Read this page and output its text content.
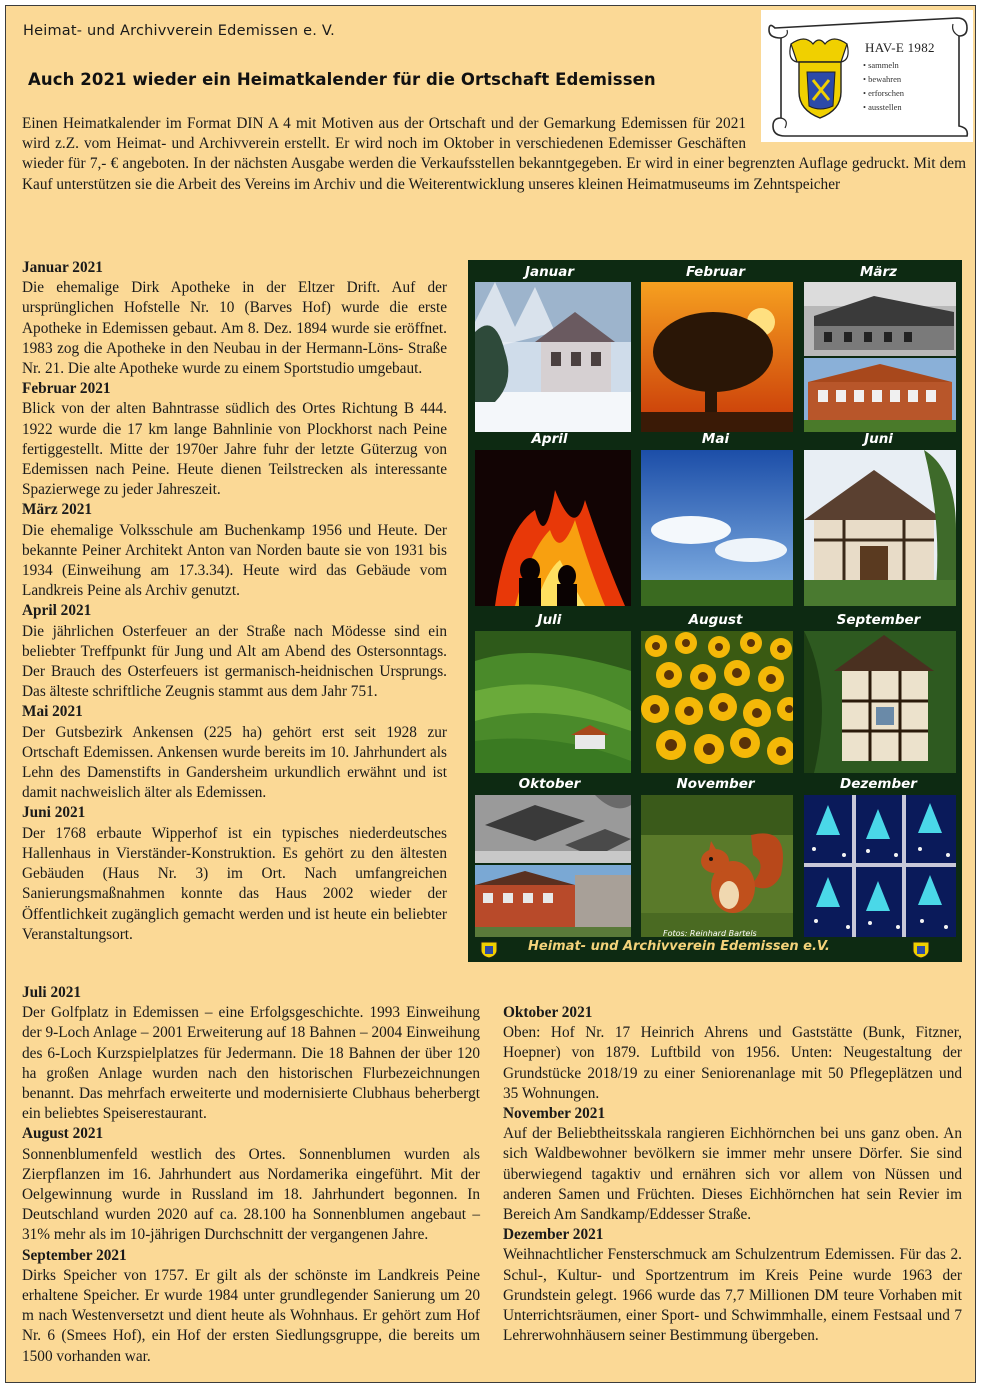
Heimat- und Archivverein Edemissen e. V.
Auch 2021 wieder ein Heimatkalender für die Ortschaft Edemissen
HAV-E 1982
• sammeln
• bewahren
• erforschen
• ausstellen
Einen Heimatkalender im Format DIN A 4 mit Motiven aus der Ortschaft und der Gemarkung Edemissen für 2021 wird z.Z. vom Heimat- und Archivverein erstellt. Er wird noch im Oktober in verschiedenen Edemisser Geschäften wieder für 7,- € angeboten. In der nächsten Ausgabe werden die Verkaufsstellen bekanntgegeben. Er wird in einer begrenzten Auflage gedruckt. Mit dem Kauf unterstützen sie die Arbeit des Vereins im Archiv und die Weiterentwicklung unseres kleinen Heimatmuseums im Zehntspeicher
Januar 2021
Die ehemalige Dirk Apotheke in der Eltzer Drift. Auf der ursprünglichen Hofstelle Nr. 10 (Barves Hof) wurde die erste Apotheke in Edemissen gebaut. Am 8. Dez. 1894 wurde sie eröffnet. 1983 zog die Apotheke in den Neubau in der Hermann-Löns- Straße Nr. 21. Die alte Apotheke wurde zu einem Sportstudio umgebaut.
Februar 2021
Blick von der alten Bahntrasse südlich des Ortes Richtung B 444. 1922 wurde die 17 km lange Bahnlinie von Plockhorst nach Peine fertiggestellt. Mitte der 1970er Jahre fuhr der letzte Güterzug von Edemissen nach Peine. Heute dienen Teilstrecken als interessante Spazierwege zu jeder Jahreszeit.
März 2021
Die ehemalige Volksschule am Buchenkamp 1956 und Heute. Der bekannte Peiner Architekt Anton van Norden baute sie von 1931 bis 1934 (Einweihung am 17.3.34). Heute wird das Gebäude vom Landkreis Peine als Archiv genutzt.
April 2021
Die jährlichen Osterfeuer an der Straße nach Mödesse sind ein beliebter Treffpunkt für Jung und Alt am Abend des Ostersonntags. Der Brauch des Osterfeuers ist germanisch-heidnischen Ursprungs. Das älteste schriftliche Zeugnis stammt aus dem Jahr 751.
Mai 2021
Der Gutsbezirk Ankensen (225 ha) gehört erst seit 1928 zur Ortschaft Edemissen. Ankensen wurde bereits im 10. Jahrhundert als Lehn des Damenstifts in Gandersheim urkundlich erwähnt und ist damit nachweislich älter als Edemissen.
Juni 2021
Der 1768 erbaute Wipperhof ist ein typisches niederdeutsches Hallenhaus in Vierständer-Konstruktion. Es gehört zu den ältesten Gebäuden (Haus Nr. 3) im Ort. Nach umfangreichen Sanierungsmaßnahmen konnte das Haus 2002 wieder der Öffentlichkeit zugänglich gemacht werden und ist heute ein beliebter Veranstaltungsort.
Juli 2021
Der Golfplatz in Edemissen – eine Erfolgsgeschichte. 1993 Einweihung der 9-Loch Anlage – 2001 Erweiterung auf 18 Bahnen – 2004 Einweihung des 6-Loch Kurzspielplatzes für Jedermann. Die 18 Bahnen der über 120 ha großen Anlage wurden nach den historischen Flurbezeichnungen benannt. Das mehrfach erweiterte und modernisierte Clubhaus beherbergt ein beliebtes Speiserestaurant.
August 2021
Sonnenblumenfeld westlich des Ortes. Sonnenblumen wurden als Zierpflanzen im 16. Jahrhundert aus Nordamerika eingeführt. Mit der Oelgewinnung wurde in Russland im 18. Jahrhundert begonnen. In Deutschland wurden 2020 auf ca. 28.100 ha Sonnenblumen angebaut – 31% mehr als im 10-jährigen Durchschnitt der vergangenen Jahre.
September 2021
Dirks Speicher von 1757. Er gilt als der schönste im Landkreis Peine erhaltene Speicher. Er wurde 1984 unter grundlegender Sanierung um 20 m nach Westenversetzt und dient heute als Wohnhaus. Er gehört zum Hof Nr. 6 (Smees Hof), ein Hof der ersten Siedlungsgruppe, die bereits um 1500 vorhanden war.
Oktober 2021
Oben: Hof Nr. 17 Heinrich Ahrens und Gaststätte (Bunk, Fitzner, Hoepner) von 1879. Luftbild von 1956. Unten: Neugestaltung der Grundstücke 2018/19 zu einer Seniorenanlage mit 50 Pflegeplätzen und 35 Wohnungen.
November 2021
Auf der Beliebtheitsskala rangieren Eichhörnchen bei uns ganz oben. An sich Waldbewohner bevölkern sie immer mehr unsere Dörfer. Sie sind überwiegend tagaktiv und ernähren sich vor allem von Nüssen und anderen Samen und Früchten. Dieses Eichhörnchen hat sein Revier im Bereich Am Sandkamp/Eddesser Straße.
Dezember 2021
Weihnachtlicher Fensterschmuck am Schulzentrum Edemissen. Für das 2. Schul-, Kultur- und Sportzentrum im Kreis Peine wurde 1963 der Grundstein gelegt. 1966 wurde das 7,7 Millionen DM teure Vorhaben mit Unterrichtsräumen, einer Sport- und Schwimmhalle, einem Festsaal und 7 Lehrerwohnhäusern seiner Bestimmung übergeben.
Januar	Februar	März
April	Mai	Juni
Juli	August	September
Oktober	November	Dezember
Fotos: Reinhard Bartels
Heimat- und Archivverein Edemissen e.V.
